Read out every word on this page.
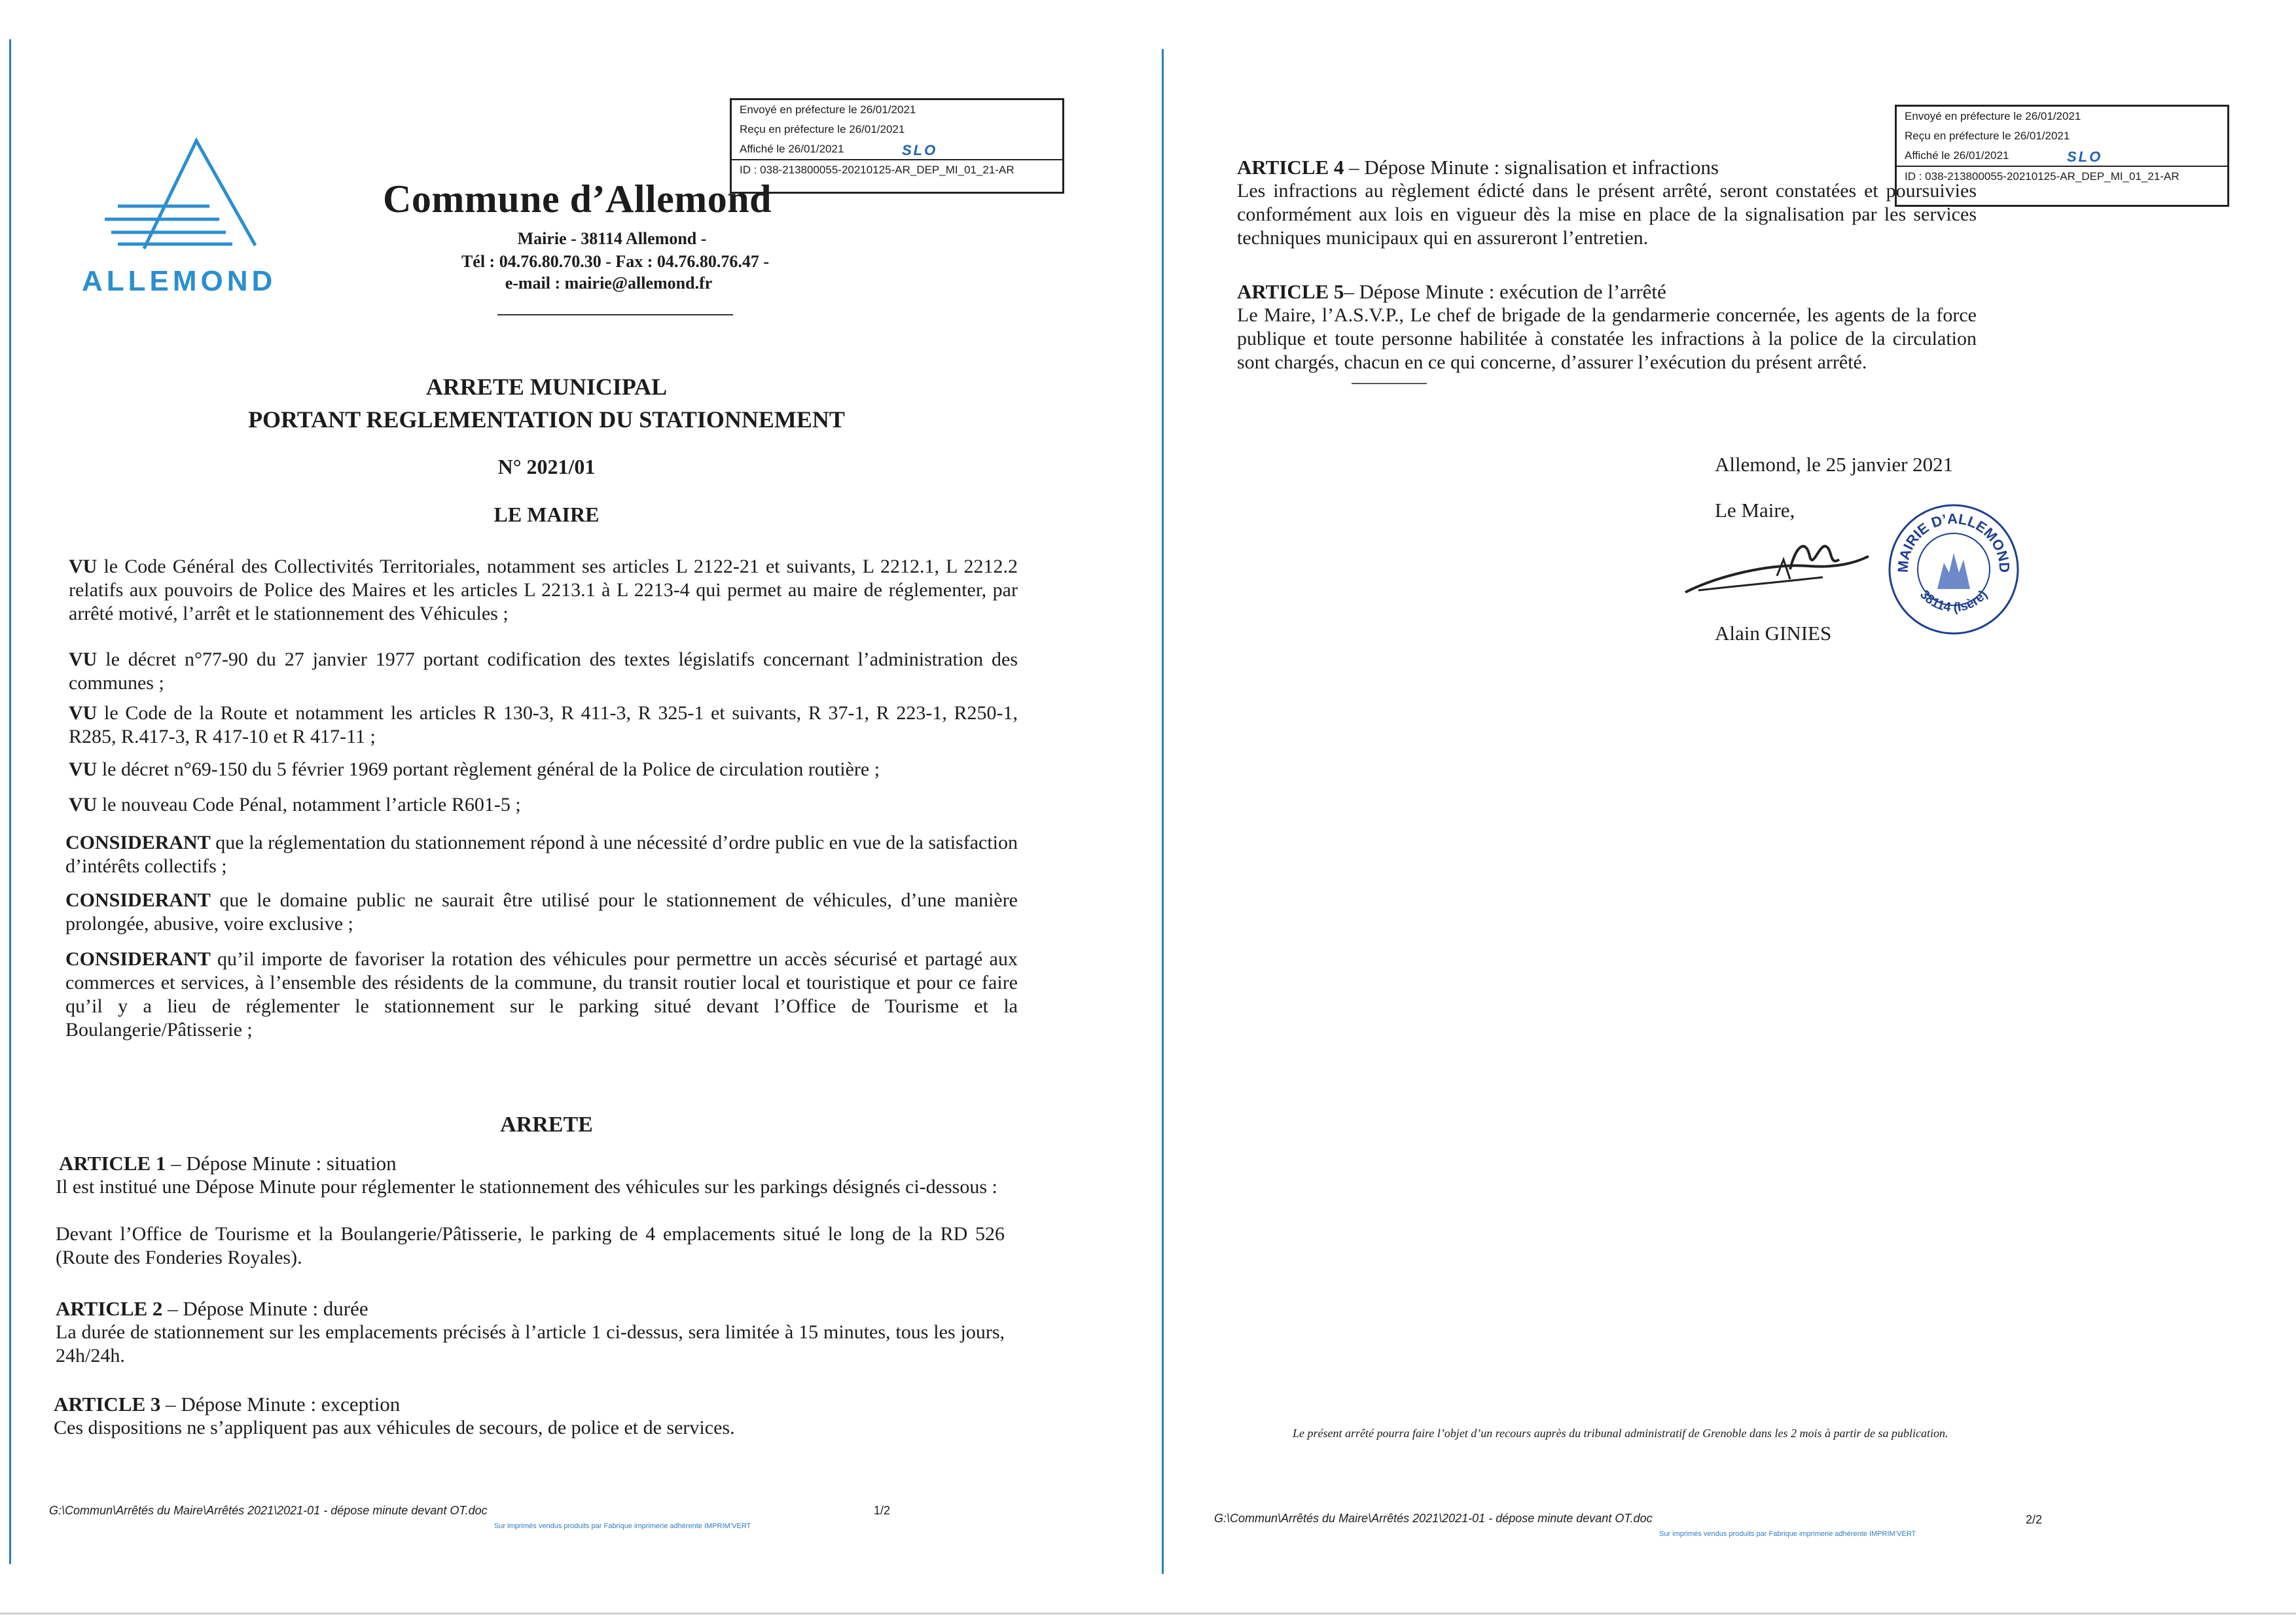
Envoyé en préfecture le 26/01/2021
Reçu en préfecture le 26/01/2021
Affiché le 26/01/2021	SLO
ID : 038-213800055-20210125-AR_DEP_MI_01_21-AR
ALLEMOND
Commune d’Allemond
Mairie - 38114 Allemond -
Tél : 04.76.80.70.30 - Fax : 04.76.80.76.47 -
e-mail : mairie@allemond.fr
ARRETE MUNICIPAL
PORTANT REGLEMENTATION DU STATIONNEMENT
N° 2021/01
LE MAIRE
VU le Code Général des Collectivités Territoriales, notamment ses articles L 2122-21 et suivants, L 2212.1, L 2212.2 relatifs aux pouvoirs de Police des Maires et les articles L 2213.1 à L 2213-4 qui permet au maire de réglementer, par arrêté motivé, l’arrêt et le stationnement des Véhicules ;
VU le décret n°77-90 du 27 janvier 1977 portant codification des textes législatifs concernant l’administration des communes ;
VU le Code de la Route et notamment les articles R 130-3, R 411-3, R 325-1 et suivants, R 37-1, R 223-1, R250-1, R285, R.417-3, R 417-10 et R 417-11 ;
VU le décret n°69-150 du 5 février 1969 portant règlement général de la Police de circulation routière ;
VU le nouveau Code Pénal, notamment l’article R601-5 ;
CONSIDERANT que la réglementation du stationnement répond à une nécessité d’ordre public en vue de la satisfaction d’intérêts collectifs ;
CONSIDERANT que le domaine public ne saurait être utilisé pour le stationnement de véhicules, d’une manière prolongée, abusive, voire exclusive ;
CONSIDERANT qu’il importe de favoriser la rotation des véhicules pour permettre un accès sécurisé et partagé aux commerces et services, à l’ensemble des résidents de la commune, du transit routier local et touristique et pour ce faire qu’il y a lieu de réglementer le stationnement sur le parking situé devant l’Office de Tourisme et la Boulangerie/Pâtisserie ;
ARRETE
ARTICLE 1 – Dépose Minute : situation
Il est institué une Dépose Minute pour réglementer le stationnement des véhicules sur les parkings désignés ci-dessous :
Devant l’Office de Tourisme et la Boulangerie/Pâtisserie, le parking de 4 emplacements situé le long de la RD 526 (Route des Fonderies Royales).
ARTICLE 2 – Dépose Minute : durée
La durée de stationnement sur les emplacements précisés à l’article 1 ci-dessus, sera limitée à 15 minutes, tous les jours, 24h/24h.
ARTICLE 3 – Dépose Minute : exception
Ces dispositions ne s’appliquent pas aux véhicules de secours, de police et de services.
G:\Commun\Arrêtés du Maire\Arrêtés 2021\2021-01 - dépose minute devant OT.doc	1/2
Sur imprimés vendus produits par Fabrique imprimerie adhérente IMPRIM’VERT
Envoyé en préfecture le 26/01/2021
Reçu en préfecture le 26/01/2021
Affiché le 26/01/2021	SLO
ID : 038-213800055-20210125-AR_DEP_MI_01_21-AR
ARTICLE 4 – Dépose Minute : signalisation et infractions
Les infractions au règlement édicté dans le présent arrêté, seront constatées et poursuivies conformément aux lois en vigueur dès la mise en place de la signalisation par les services techniques municipaux qui en assureront l’entretien.
ARTICLE 5– Dépose Minute : exécution de l’arrêté
Le Maire, l’A.S.V.P., Le chef de brigade de la gendarmerie concernée, les agents de la force publique et toute personne habilitée à constatée les infractions à la police de la circulation sont chargés, chacun en ce qui concerne, d’assurer l’exécution du présent arrêté.
Allemond, le 25 janvier 2021
Le Maire,
MAIRIE D’ALLEMOND
38114 (Isère)
Alain GINIES
Le présent arrêté pourra faire l’objet d’un recours auprès du tribunal administratif de Grenoble dans les 2 mois à partir de sa publication.
G:\Commun\Arrêtés du Maire\Arrêtés 2021\2021-01 - dépose minute devant OT.doc	2/2
Sur imprimés vendus produits par Fabrique imprimerie adhérente IMPRIM’VERT
